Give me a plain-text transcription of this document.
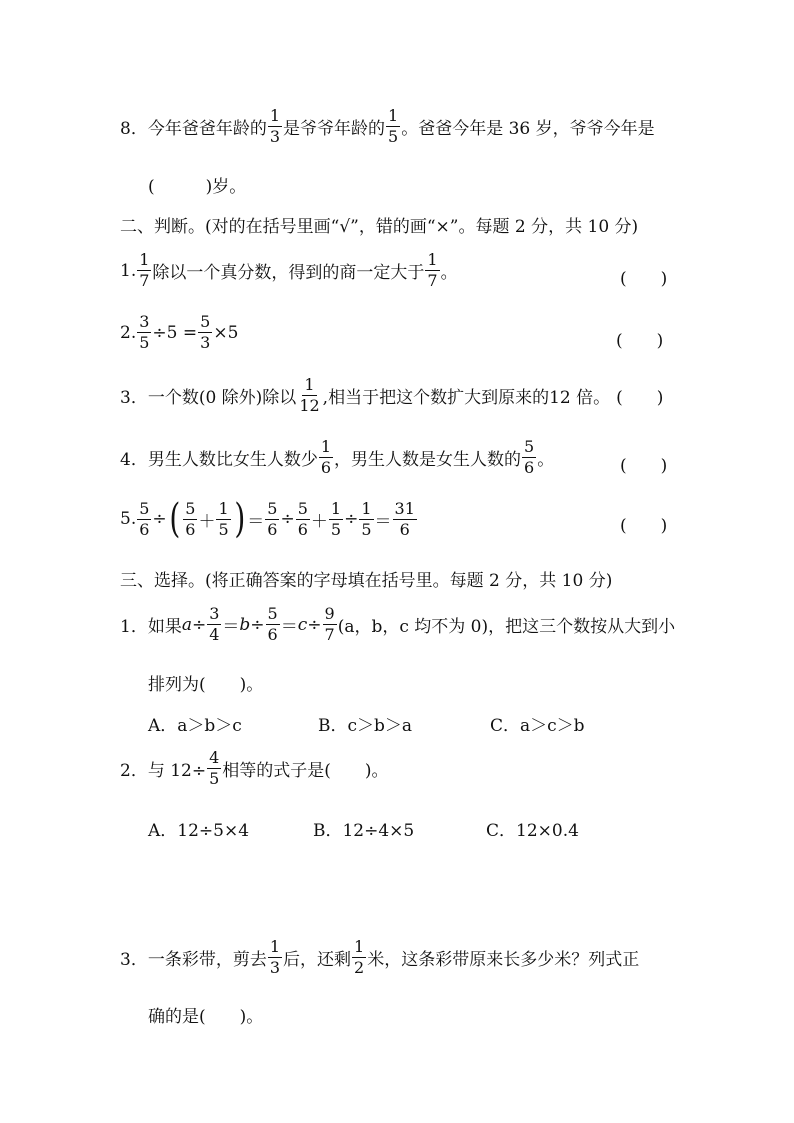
8．今年爸爸年龄的 $\frac{1}{3}$ 是爷爷年龄的 $\frac{1}{5}$ 。爸爸今年是 36 岁，爷爷今年是
(　　　)岁。
二、判断。(对的在括号里画“√”，错的画“×”。每题 2 分，共 10 分)
1. $\frac{1}{7}$ 除以一个真分数，得到的商一定大于 $\frac{1}{7}$ 。	(　　)
2. $\frac{3}{5} \div 5 = \frac{5}{3} \times 5$	(　　)
3．一个数(0 除外)除以 $\frac{1}{12}$ ,相当于把这个数扩大到原来的12 倍。 (　　)
4．男生人数比女生人数少 $\frac{1}{6}$ ，男生人数是女生人数的 $\frac{5}{6}$ 。	(　　)
5. $\frac{5}{6}$ ÷ ( $\frac{5}{6} + \frac{1}{5}$ ) ＝ $\frac{5}{6} \div \frac{5}{6} + \frac{1}{5} \div \frac{1}{5} = \frac{31}{6}$	(　　)
三、选择。(将正确答案的字母填在括号里。每题 2 分，共 10 分)
1．如果 $a \div \frac{3}{4} = b \div \frac{5}{6} = c \div \frac{9}{7} (a$，b，c 均不为 0)，把这三个数按从大到小
排列为(　　)。
A．a＞b＞c	B．c＞b＞a	C．a＞c＞b
2．与 $12\div \frac{4}{5}$ 相等的式子是(　　)。
A．12÷5×4	B．12÷4×5	C．12×0.4
3．一条彩带，剪去 $\frac{1}{3}$ 后，还剩 $\frac{1}{2}$ 米，这条彩带原来长多少米？列式正
确的是(　　)。
